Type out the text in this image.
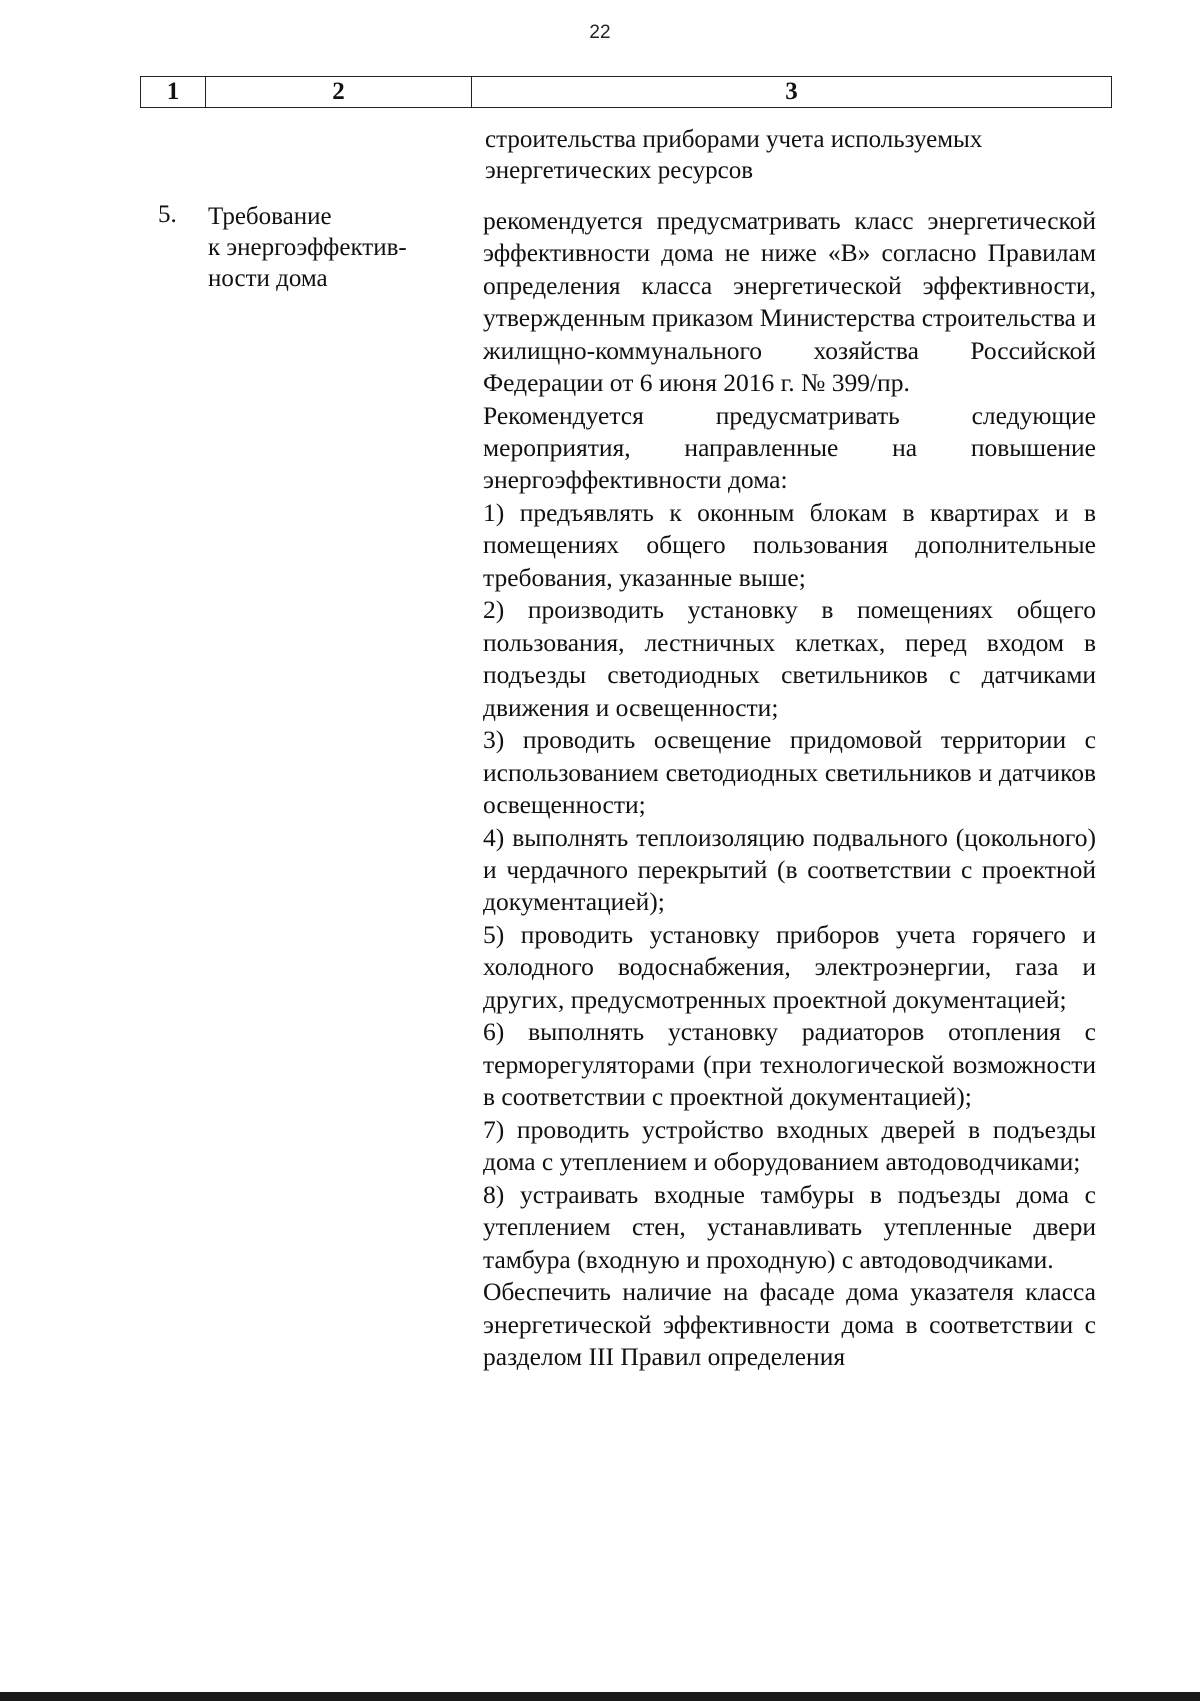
22
1	2	3
строительства приборами учета используемых
энергетических ресурсов
5. Требование
к энергоэффектив-
ности дома

рекомендуется предусматривать класс энергетической эффективности дома не ниже «В» согласно Правилам определения класса энергетической эффективности, утвержденным приказом Министерства строительства и жилищно-коммунального хозяйства Российской Федерации от 6 июня 2016 г. № 399/пр.

Рекомендуется предусматривать следующие мероприятия, направленные на повышение энергоэффективности дома:

1) предъявлять к оконным блокам в квартирах и в помещениях общего пользования дополнительные требования, указанные выше;

2) производить установку в помещениях общего пользования, лестничных клетках, перед входом в подъезды светодиодных светильников с датчиками движения и освещенности;

3) проводить освещение придомовой территории с использованием светодиодных светильников и датчиков освещенности;

4) выполнять теплоизоляцию подвального (цокольного) и чердачного перекрытий (в соответствии с проектной документацией);

5) проводить установку приборов учета горячего и холодного водоснабжения, электроэнергии, газа и других, предусмотренных проектной документацией;

6) выполнять установку радиаторов отопления с терморегуляторами (при технологической возможности в соответствии с проектной документацией);

7) проводить устройство входных дверей в подъезды дома с утеплением и оборудованием автодоводчиками;

8) устраивать входные тамбуры в подъезды дома с утеплением стен, устанавливать утепленные двери тамбура (входную и проходную) с автодоводчиками.

Обеспечить наличие на фасаде дома указателя класса энергетической эффективности дома в соответствии с разделом III Правил определения
